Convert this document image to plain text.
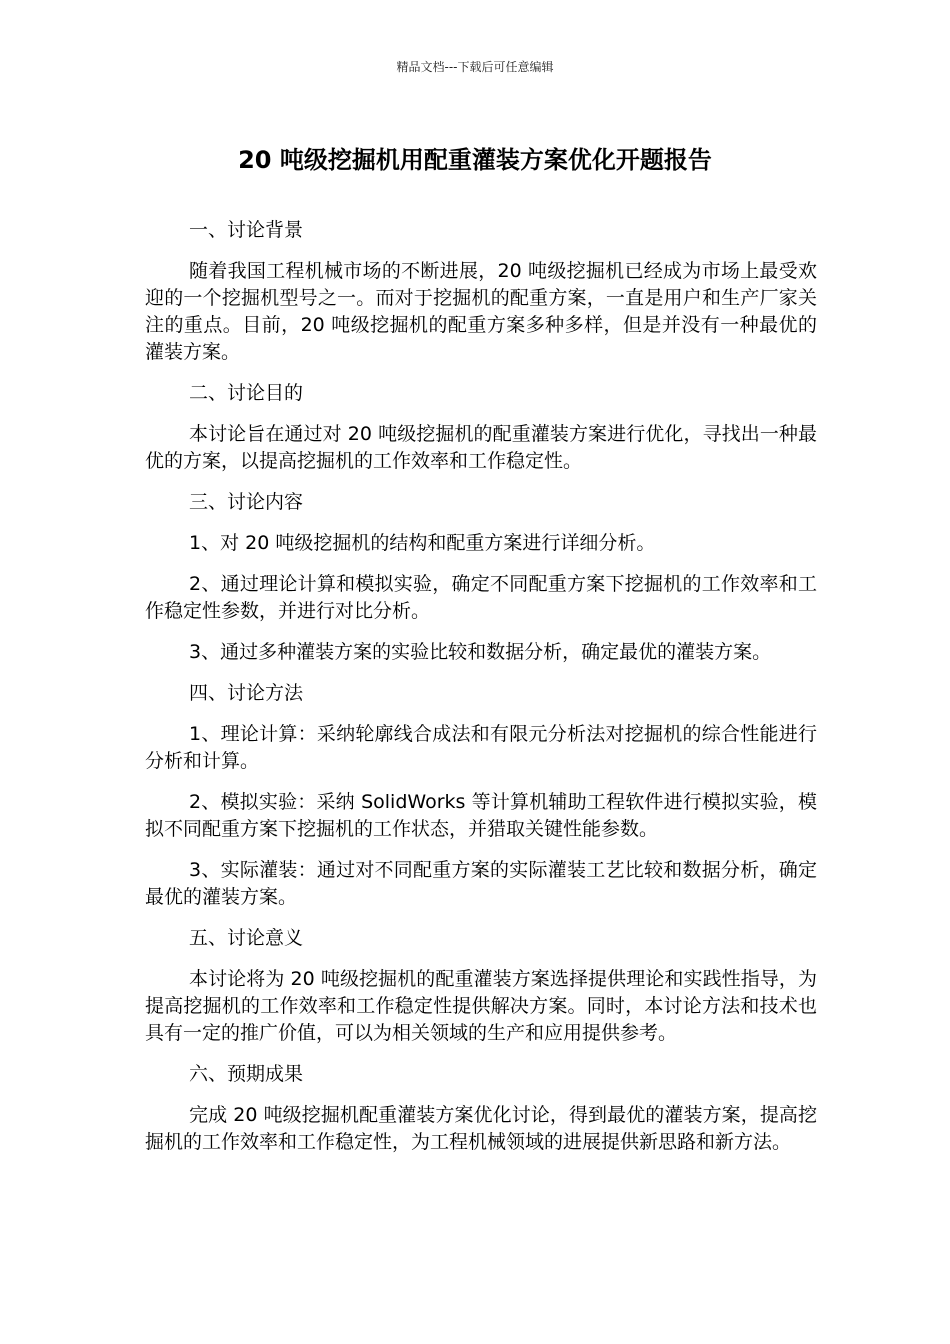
精品文档---下载后可任意编辑
20 吨级挖掘机用配重灌装方案优化开题报告

一、讨论背景

随着我国工程机械市场的不断进展，20 吨级挖掘机已经成为市场上最受欢迎的一个挖掘机型号之一。而对于挖掘机的配重方案，一直是用户和生产厂家关注的重点。目前，20 吨级挖掘机的配重方案多种多样，但是并没有一种最优的灌装方案。

二、讨论目的

本讨论旨在通过对 20 吨级挖掘机的配重灌装方案进行优化，寻找出一种最优的方案，以提高挖掘机的工作效率和工作稳定性。

三、讨论内容

1、对 20 吨级挖掘机的结构和配重方案进行详细分析。

2、通过理论计算和模拟实验，确定不同配重方案下挖掘机的工作效率和工作稳定性参数，并进行对比分析。

3、通过多种灌装方案的实验比较和数据分析，确定最优的灌装方案。

四、讨论方法

1、理论计算：采纳轮廓线合成法和有限元分析法对挖掘机的综合性能进行分析和计算。

2、模拟实验：采纳 SolidWorks 等计算机辅助工程软件进行模拟实验，模拟不同配重方案下挖掘机的工作状态，并猎取关键性能参数。

3、实际灌装：通过对不同配重方案的实际灌装工艺比较和数据分析，确定最优的灌装方案。

五、讨论意义

本讨论将为 20 吨级挖掘机的配重灌装方案选择提供理论和实践性指导，为提高挖掘机的工作效率和工作稳定性提供解决方案。同时，本讨论方法和技术也具有一定的推广价值，可以为相关领域的生产和应用提供参考。

六、预期成果

完成 20 吨级挖掘机配重灌装方案优化讨论，得到最优的灌装方案，提高挖掘机的工作效率和工作稳定性，为工程机械领域的进展提供新思路和新方法。
